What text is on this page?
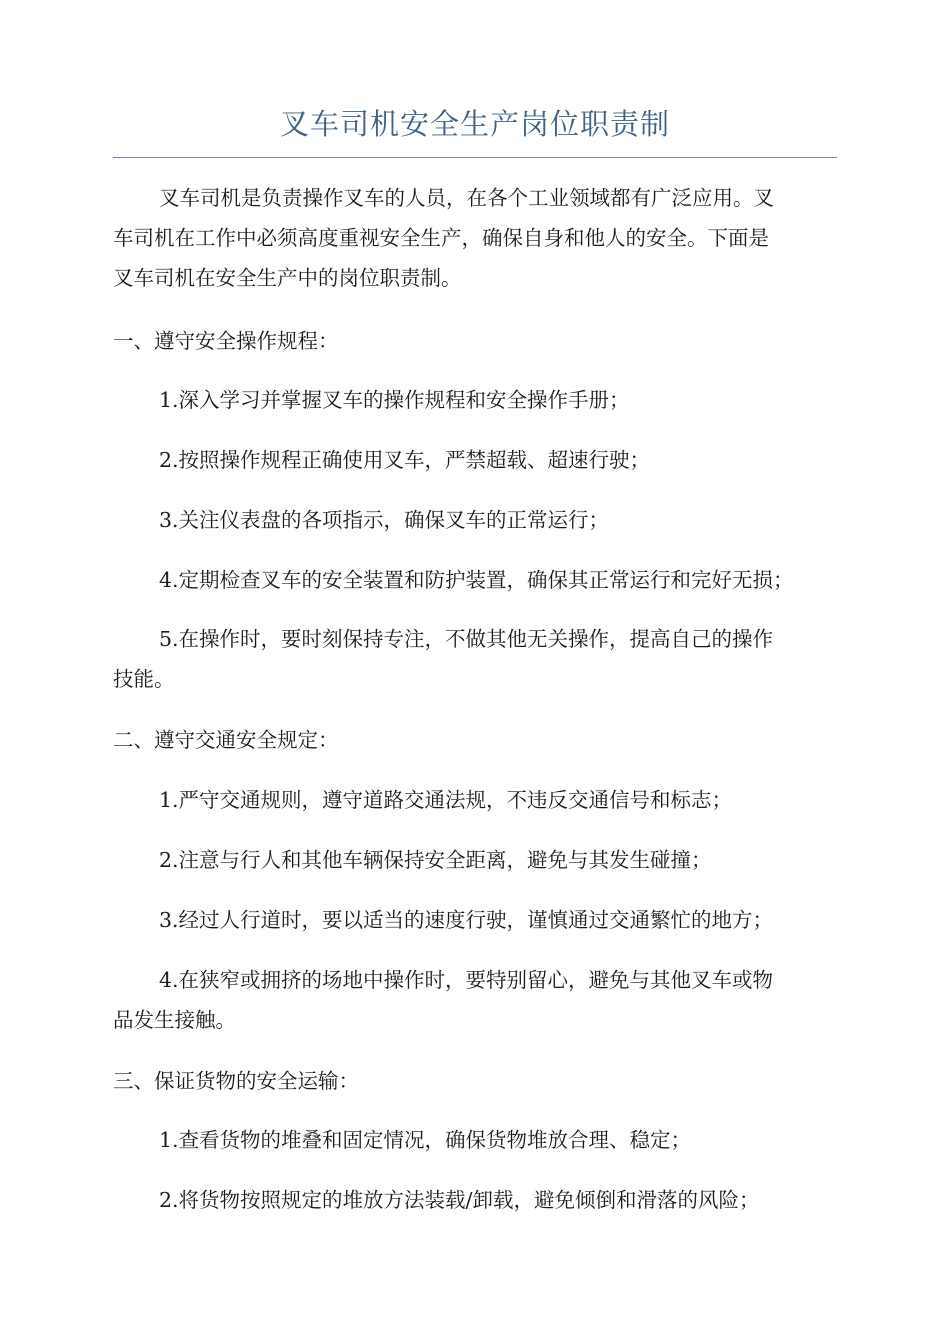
叉车司机安全生产岗位职责制
叉车司机是负责操作叉车的人员，在各个工业领域都有广泛应用。叉
车司机在工作中必须高度重视安全生产，确保自身和他人的安全。下面是
叉车司机在安全生产中的岗位职责制。
一、遵守安全操作规程：
1.深入学习并掌握叉车的操作规程和安全操作手册；
2.按照操作规程正确使用叉车，严禁超载、超速行驶；
3.关注仪表盘的各项指示，确保叉车的正常运行；
4.定期检查叉车的安全装置和防护装置，确保其正常运行和完好无损；
5.在操作时，要时刻保持专注，不做其他无关操作，提高自己的操作
技能。
二、遵守交通安全规定：
1.严守交通规则，遵守道路交通法规，不违反交通信号和标志；
2.注意与行人和其他车辆保持安全距离，避免与其发生碰撞；
3.经过人行道时，要以适当的速度行驶，谨慎通过交通繁忙的地方；
4.在狭窄或拥挤的场地中操作时，要特别留心，避免与其他叉车或物
品发生接触。
三、保证货物的安全运输：
1.查看货物的堆叠和固定情况，确保货物堆放合理、稳定；
2.将货物按照规定的堆放方法装载/卸载，避免倾倒和滑落的风险；
